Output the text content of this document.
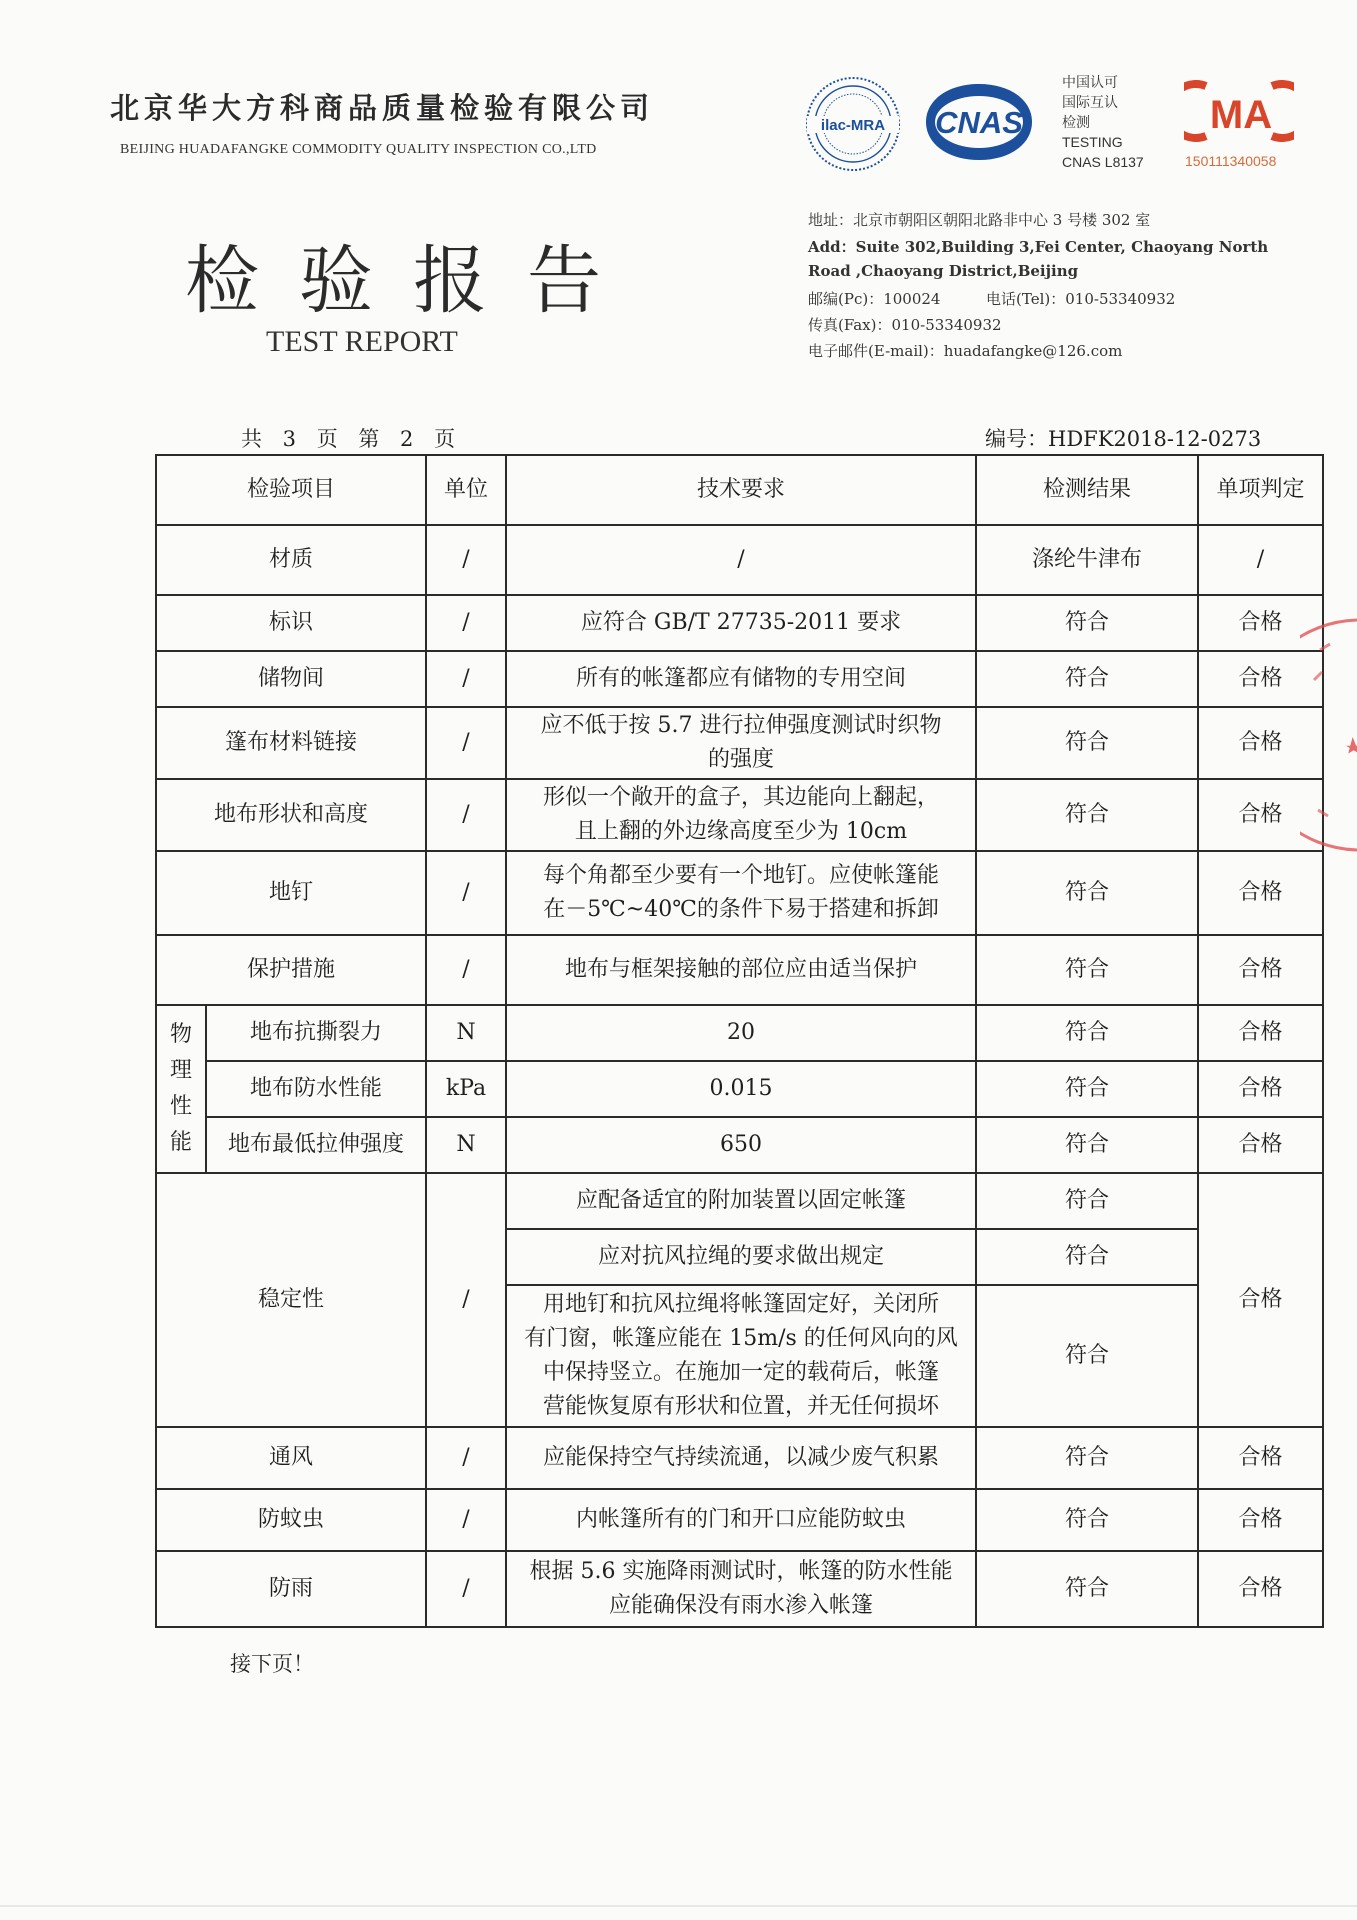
北京华大方科商品质量检验有限公司
BEIJING HUADAFANGKE COMMODITY QUALITY INSPECTION CO.,LTD
检验报告
TEST REPORT
ilac-MRA CNAS
中国认可
国际互认
检测
TESTING
CNAS L8137
MA
150111340058
地址：北京市朝阳区朝阳北路非中心 3 号楼 302 室
Add：Suite 302,Building 3,Fei Center, Chaoyang North
Road ,Chaoyang District,Beijing
邮编(Pc)：100024	电话(Tel)：010-53340932
传真(Fax)：010-53340932
电子邮件(E-mail)：huadafangke@126.com
共 3 页 第 2 页	编号：HDFK2018-12-0273
检验项目		单位	技术要求	检测结果	单项判定
材质		/	/	涤纶牛津布	/
标识		/	应符合 GB/T 27735-2011 要求	符合	合格
储物间		/	所有的帐篷都应有储物的专用空间	符合	合格
篷布材料链接		/	应不低于按 5.7 进行拉伸强度测试时织物
的强度	符合	合格
地布形状和高度		/	形似一个敞开的盒子，其边能向上翻起，
且上翻的外边缘高度至少为 10cm	符合	合格
地钉		/	每个角都至少要有一个地钉。应使帐篷能
在－5℃~40℃的条件下易于搭建和拆卸	符合	合格
保护措施		/	地布与框架接触的部位应由适当保护	符合	合格

物
理
性
能	地布抗撕裂力	N	20	符合	合格
	地布防水性能	kPa	0.015	符合	合格
	地布最低拉伸强度	N	650	符合	合格
稳定性		/	应配备适宜的附加装置以固定帐篷	符合	合格
			应对抗风拉绳的要求做出规定	符合	

			用地钉和抗风拉绳将帐篷固定好，关闭所
有门窗，帐篷应能在 15m/s 的任何风向的风
中保持竖立。在施加一定的载荷后，帐篷
营能恢复原有形状和位置，并无任何损坏	符合	
通风		/	应能保持空气持续流通，以减少废气积累	符合	合格
防蚊虫		/	内帐篷所有的门和开口应能防蚊虫	符合	合格
防雨		/	根据 5.6 实施降雨测试时，帐篷的防水性能
应能确保没有雨水渗入帐篷	符合	合格
接下页！
